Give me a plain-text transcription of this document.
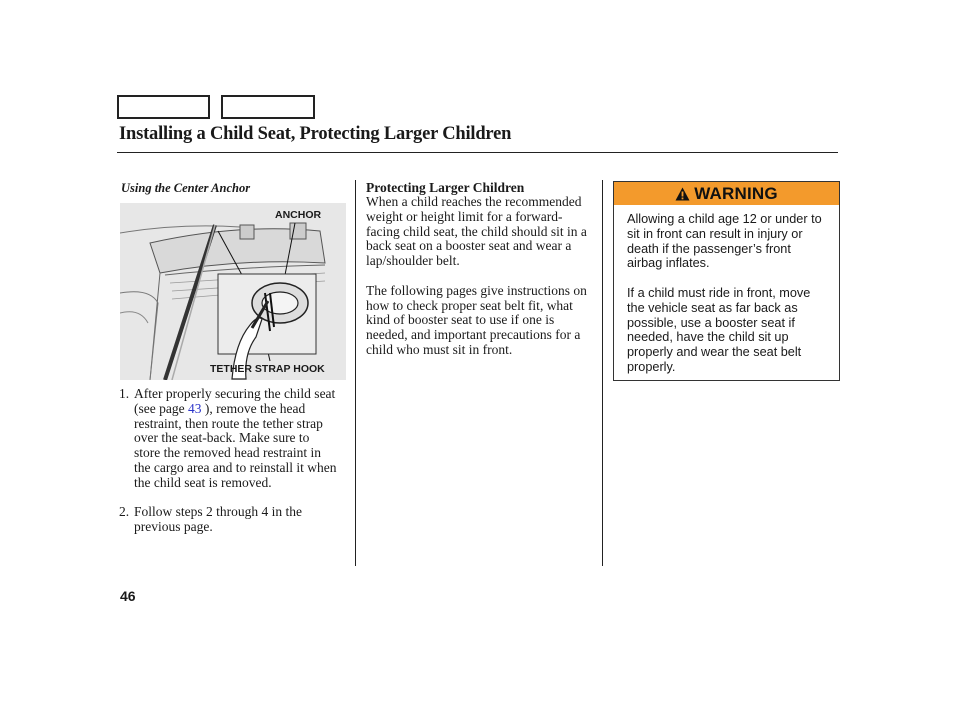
Installing a Child Seat, Protecting Larger Children
Using the Center Anchor
ANCHOR
TETHER STRAP HOOK
1. After properly securing the child seat (see page 43 ), remove the head restraint, then route the tether strap over the seat-back. Make sure to store the removed head restraint in the cargo area and to reinstall it when the child seat is removed.
2. Follow steps 2 through 4 in the previous page.
Protecting Larger Children

When a child reaches the recommended weight or height limit for a forward-facing child seat, the child should sit in a back seat on a booster seat and wear a lap/shoulder belt.

The following pages give instructions on how to check proper seat belt fit, what kind of booster seat to use if one is needed, and important precautions for a child who must sit in front.

WARNING

Allowing a child age 12 or under to sit in front can result in injury or death if the passenger’s front airbag inflates.

If a child must ride in front, move the vehicle seat as far back as possible, use a booster seat if needed, have the child sit up properly and wear the seat belt properly.

46
